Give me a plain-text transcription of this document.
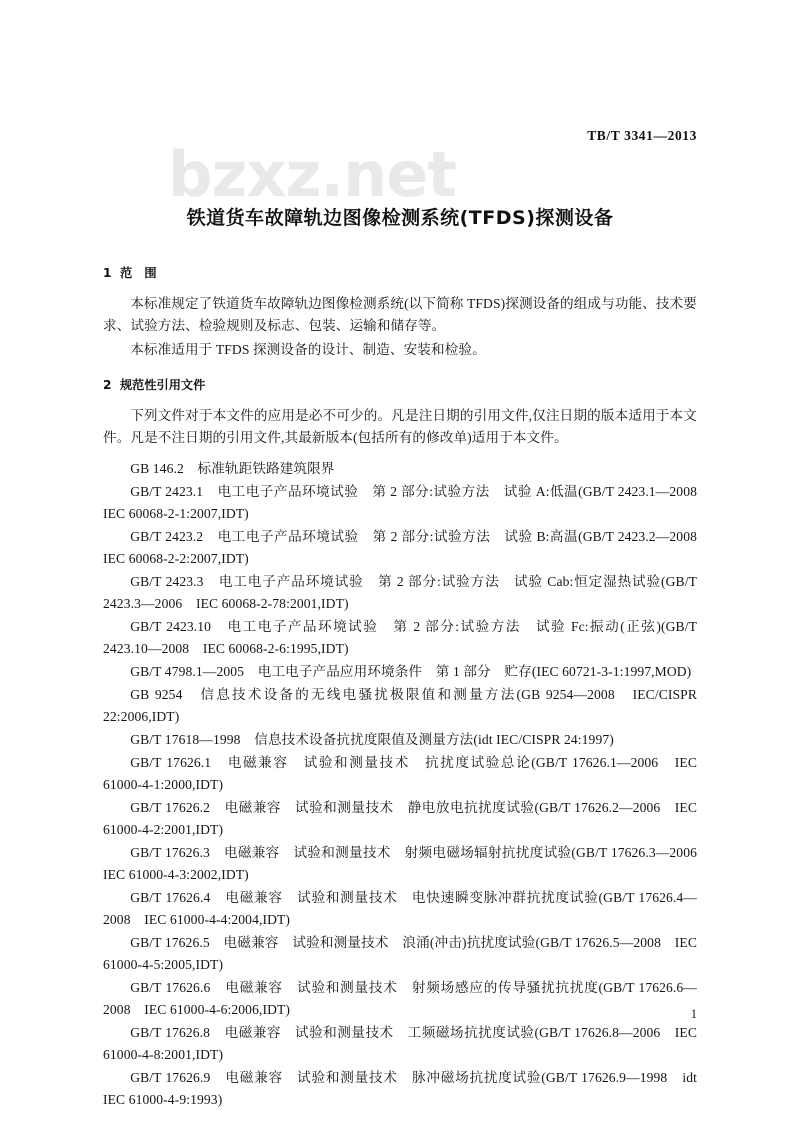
bzxz.net
TB/T 3341—2013
铁道货车故障轨边图像检测系统(TFDS)探测设备
1 范　围

本标准规定了铁道货车故障轨边图像检测系统(以下简称 TFDS)探测设备的组成与功能、技术要求、试验方法、检验规则及标志、包装、运输和储存等。

本标准适用于 TFDS 探测设备的设计、制造、安装和检验。

2 规范性引用文件

下列文件对于本文件的应用是必不可少的。凡是注日期的引用文件,仅注日期的版本适用于本文件。凡是不注日期的引用文件,其最新版本(包括所有的修改单)适用于本文件。

GB 146.2　标准轨距铁路建筑限界

GB/T 2423.1　电工电子产品环境试验　第 2 部分:试验方法　试验 A:低温(GB/T 2423.1—2008　IEC 60068-2-1:2007,IDT)

GB/T 2423.2　电工电子产品环境试验　第 2 部分:试验方法　试验 B:高温(GB/T 2423.2—2008　IEC 60068-2-2:2007,IDT)

GB/T 2423.3　电工电子产品环境试验　第 2 部分:试验方法　试验 Cab:恒定湿热试验(GB/T 2423.3—2006　IEC 60068-2-78:2001,IDT)

GB/T 2423.10　电工电子产品环境试验　第 2 部分:试验方法　试验 Fc:振动(正弦)(GB/T 2423.10—2008　IEC 60068-2-6:1995,IDT)

GB/T 4798.1—2005　电工电子产品应用环境条件　第 1 部分　贮存(IEC 60721-3-1:1997,MOD)

GB 9254　信息技术设备的无线电骚扰极限值和测量方法(GB 9254—2008　IEC/CISPR 22:2006,IDT)

GB/T 17618—1998　信息技术设备抗扰度限值及测量方法(idt IEC/CISPR 24:1997)

GB/T 17626.1　电磁兼容　试验和测量技术　抗扰度试验总论(GB/T 17626.1—2006　IEC 61000-4-1:2000,IDT)

GB/T 17626.2　电磁兼容　试验和测量技术　静电放电抗扰度试验(GB/T 17626.2—2006　IEC 61000-4-2:2001,IDT)

GB/T 17626.3　电磁兼容　试验和测量技术　射频电磁场辐射抗扰度试验(GB/T 17626.3—2006　IEC 61000-4-3:2002,IDT)

GB/T 17626.4　电磁兼容　试验和测量技术　电快速瞬变脉冲群抗扰度试验(GB/T 17626.4—2008　IEC 61000-4-4:2004,IDT)

GB/T 17626.5　电磁兼容　试验和测量技术　浪涌(冲击)抗扰度试验(GB/T 17626.5—2008　IEC 61000-4-5:2005,IDT)

GB/T 17626.6　电磁兼容　试验和测量技术　射频场感应的传导骚扰抗扰度(GB/T 17626.6—2008　IEC 61000-4-6:2006,IDT)

GB/T 17626.8　电磁兼容　试验和测量技术　工频磁场抗扰度试验(GB/T 17626.8—2006　IEC 61000-4-8:2001,IDT)

GB/T 17626.9　电磁兼容　试验和测量技术　脉冲磁场抗扰度试验(GB/T 17626.9—1998　idt IEC 61000-4-9:1993)

1
